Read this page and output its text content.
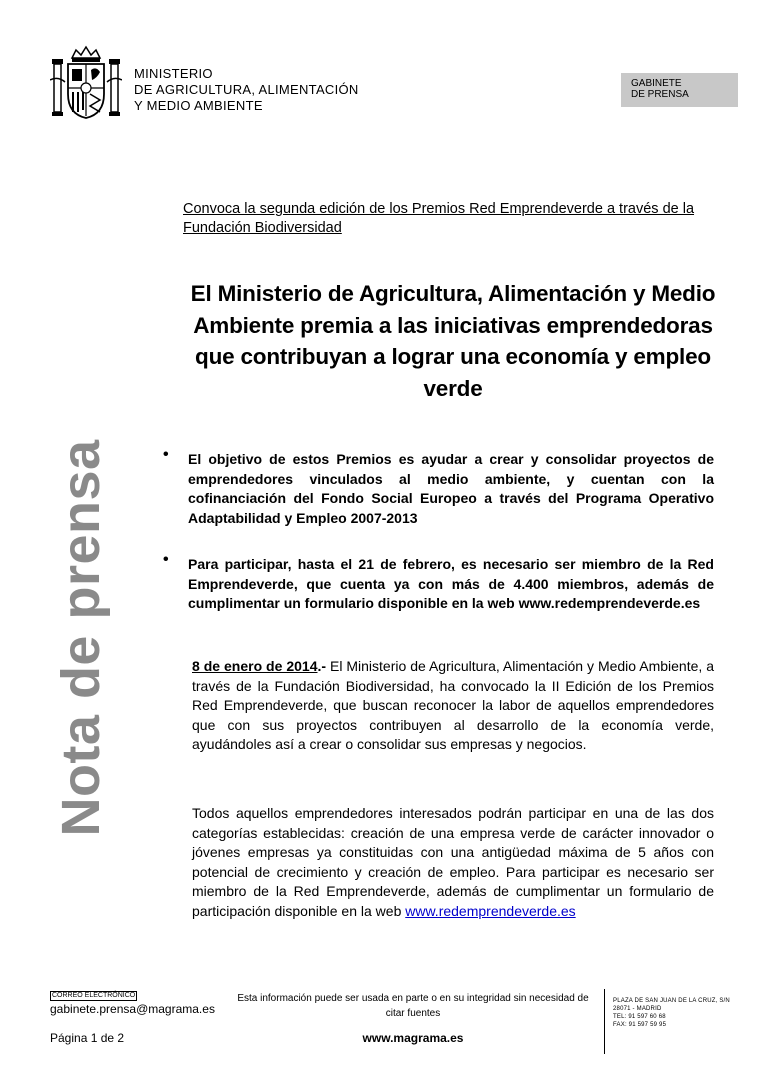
MINISTERIO
DE AGRICULTURA, ALIMENTACIÓN
Y MEDIO AMBIENTE
GABINETE
DE PRENSA
Nota de prensa
Convoca la segunda edición de los Premios Red Emprendeverde a través de la Fundación Biodiversidad
El Ministerio de Agricultura, Alimentación y Medio Ambiente premia a las iniciativas emprendedoras que contribuyan a lograr una economía y empleo verde
• El objetivo de estos Premios es ayudar a crear y consolidar proyectos de emprendedores vinculados al medio ambiente, y cuentan con la cofinanciación del Fondo Social Europeo a través del Programa Operativo Adaptabilidad y Empleo 2007-2013
• Para participar, hasta el 21 de febrero, es necesario ser miembro de la Red Emprendeverde, que cuenta ya con más de 4.400 miembros, además de cumplimentar un formulario disponible en la web www.redemprendeverde.es
8 de enero de 2014.- El Ministerio de Agricultura, Alimentación y Medio Ambiente, a través de la Fundación Biodiversidad, ha convocado la II Edición de los Premios Red Emprendeverde, que buscan reconocer la labor de aquellos emprendedores que con sus proyectos contribuyen al desarrollo de la economía verde, ayudándoles así a crear o consolidar sus empresas y negocios.
Todos aquellos emprendedores interesados podrán participar en una de las dos categorías establecidas: creación de una empresa verde de carácter innovador o jóvenes empresas ya constituidas con una antigüedad máxima de 5 años con potencial de crecimiento y creación de empleo. Para participar es necesario ser miembro de la Red Emprendeverde, además de cumplimentar un formulario de participación disponible en la web www.redemprendeverde.es
CORREO ELECTRÓNICO
gabinete.prensa@magrama.es
Página 1 de 2
Esta información puede ser usada en parte o en su integridad sin necesidad de citar fuentes
www.magrama.es
PLAZA DE SAN JUAN DE LA CRUZ, S/N
28071 - MADRID
TEL: 91 597 60 68
FAX: 91 597 59 95
